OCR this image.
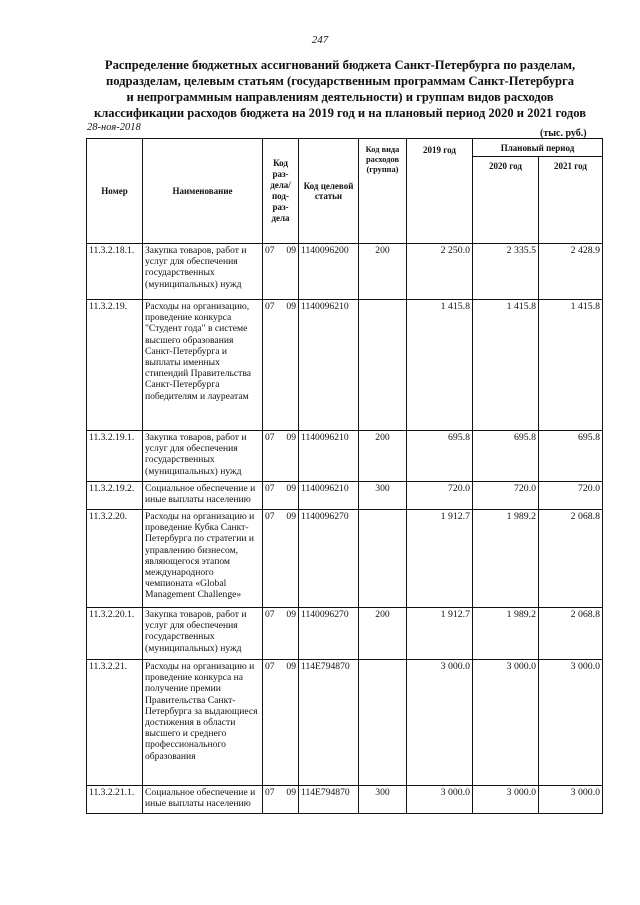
247
Распределение бюджетных ассигнований бюджета Санкт-Петербурга по разделам,
подразделам, целевым статьям (государственным программам Санкт-Петербурга
и непрограммным направлениям деятельности) и группам видов расходов
классификации расходов бюджета на 2019 год и на плановый период 2020 и 2021 годов
28-ноя-2018
(тыс. руб.)
Номер	Наименование	Код раз- дела/ под- раз- дела		Код целевой статьи	Код вида расходов (группа)	2019 год	Плановый период	
							2020 год	2021 год
11.3.2.18.1.	Закупка товаров, работ и услуг для обеспечения государственных (муниципальных) нужд	07	09	1140096200	200	2 250.0	2 335.5	2 428.9
11.3.2.19.	Расходы на организацию, проведение конкурса "Студент года" в системе высшего образования Санкт-Петербурга и выплаты именных стипендий Правительства Санкт-Петербурга победителям и лауреатам	07	09	1140096210		1 415.8	1 415.8	1 415.8
11.3.2.19.1.	Закупка товаров, работ и услуг для обеспечения государственных (муниципальных) нужд	07	09	1140096210	200	695.8	695.8	695.8
11.3.2.19.2.	Социальное обеспечение и иные выплаты населению	07	09	1140096210	300	720.0	720.0	720.0
11.3.2.20.	Расходы на организацию и проведение Кубка Санкт-Петербурга по стратегии и управлению бизнесом, являющегося этапом международного чемпионата «Global Management Challenge»	07	09	1140096270		1 912.7	1 989.2	2 068.8
11.3.2.20.1.	Закупка товаров, работ и услуг для обеспечения государственных (муниципальных) нужд	07	09	1140096270	200	1 912.7	1 989.2	2 068.8
11.3.2.21.	Расходы на организацию и проведение конкурса на получение премии Правительства Санкт-Петербурга за выдающиеся достижения в области высшего и среднего профессионального образования	07	09	114Е794870		3 000.0	3 000.0	3 000.0
11.3.2.21.1.	Социальное обеспечение и иные выплаты населению	07	09	114Е794870	300	3 000.0	3 000.0	3 000.0
